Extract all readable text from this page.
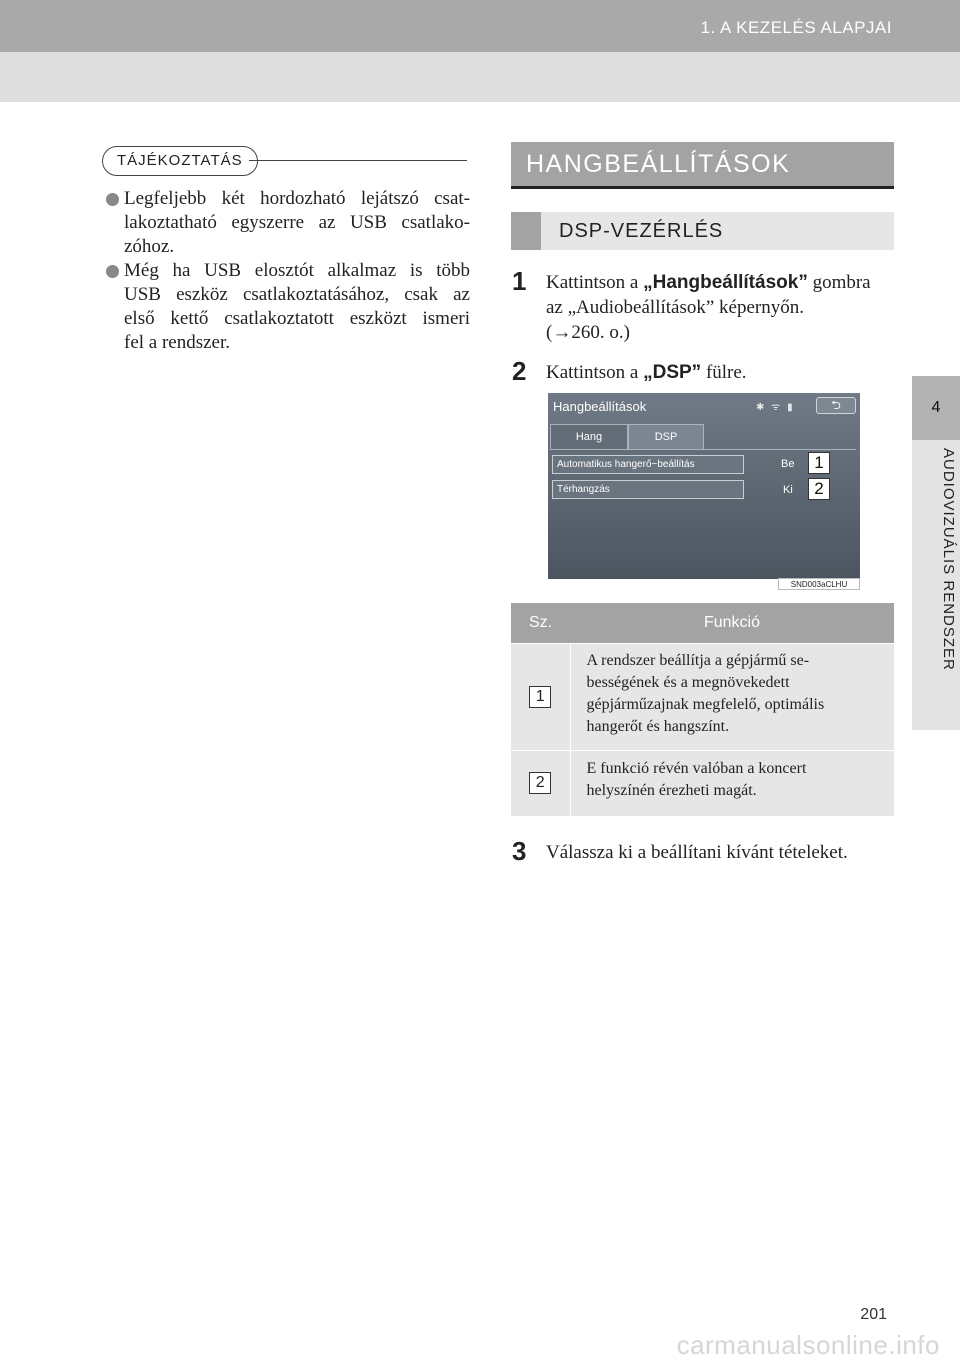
1. A KEZELÉS ALAPJAI
4
AUDIOVIZUÁLIS RENDSZER
TÁJÉKOZTATÁS
Legfeljebb két hordozható lejátszó csat-
lakoztatható egyszerre az USB csatlako-
zóhoz.
Még ha USB elosztót alkalmaz is több
USB eszköz csatlakoztatásához, csak az
első kettő csatlakoztatott eszközt ismeri
fel a rendszer.
HANGBEÁLLÍTÁSOK
DSP-VEZÉRLÉS
1 Kattintson a „Hangbeállítások” gombra
az „Audiobeállítások” képernyőn.
(→260. o.)
2 Kattintson a „DSP” fülre.
Hangbeállítások	✱ ᯤ ▮	⮌
Hang	DSP
Automatikus hangerő−beállítás	Be
Térhangzás	Ki
SND003aCLHU
1
2
Sz.	Funkció
1	A rendszer beállítja a gépjármű se-
bességének és a megnövekedett
gépjárműzajnak megfelelő, optimális
hangerőt és hangszínt.

2	E funkció révén valóban a koncert
helyszínén érezheti magát.
3 Válassza ki a beállítani kívánt tételeket.
201
carmanualsonline.info
